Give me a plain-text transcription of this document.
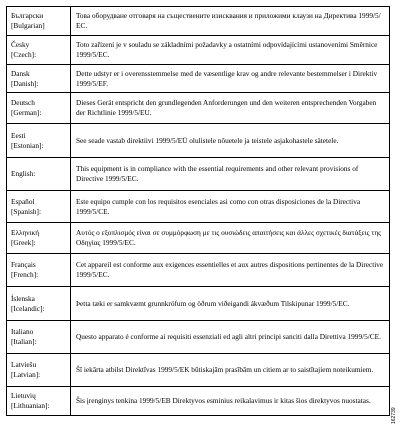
Български
[Bulgarian]	Това оборудване отговаря на съществените изисквания и приложими клаузи на Директива 1999/5/ЕС.

Česky
[Czech]:	Toto zařízení je v souladu se základními požadavky a ostatními odpovídajícími ustanoveními Směrnice 1999/5/EC.

Dansk
[Danish]:	Dette udstyr er i overensstemmelse med de væsentlige krav og andre relevante bestemmelser i Direktiv 1999/5/EF.

Deutsch
[German]:	Dieses Gerät entspricht den grundlegenden Anforderungen und den weiteren entsprechenden Vorgaben der Richtlinie 1999/5/EU.

Eesti
[Estonian]:	See seade vastab direktiivi 1999/5/EÜ olulistele nõuetele ja teistele asjakohastele sätetele.

English:	This equipment is in compliance with the essential requirements and other relevant provisions of Directive 1999/5/EC.

Español
[Spanish]:	Este equipo cumple con los requisitos esenciales asi como con otras disposiciones de la Directiva 1999/5/CE.

Ελληνική
[Greek]:	Αυτός ο εξοπλισμός είναι σε συμμόρφωση με τις ουσιώδεις απαιτήσεις και άλλες σχετικές διατάξεις της Οδηγίας 1999/5/EC.

Français
[French]:	Cet appareil est conforme aux exigences essentielles et aux autres dispositions pertinentes de la Directive 1999/5/EC.

Íslenska
[Icelandic]:	Þetta tæki er samkvæmt grunnkröfum og öðrum viðeigandi ákvæðum Tilskipunar 1999/5/EC.

Italiano
[Italian]:	Questo apparato é conforme ai requisiti essenziali ed agli altri principi sanciti dalla Direttiva 1999/5/CE.

Latviešu
[Latvian]:	Šī iekārta atbilst Direktīvas 1999/5/EK būtiskajām prasībām un citiem ar to saistītajiem noteikumiem.

Lietuvių
[Lithuanian]:	Šis įrenginys tenkina 1999/5/EB Direktyvos esminius reikalavimus ir kitas šios direktyvos nuostatas.
162739
